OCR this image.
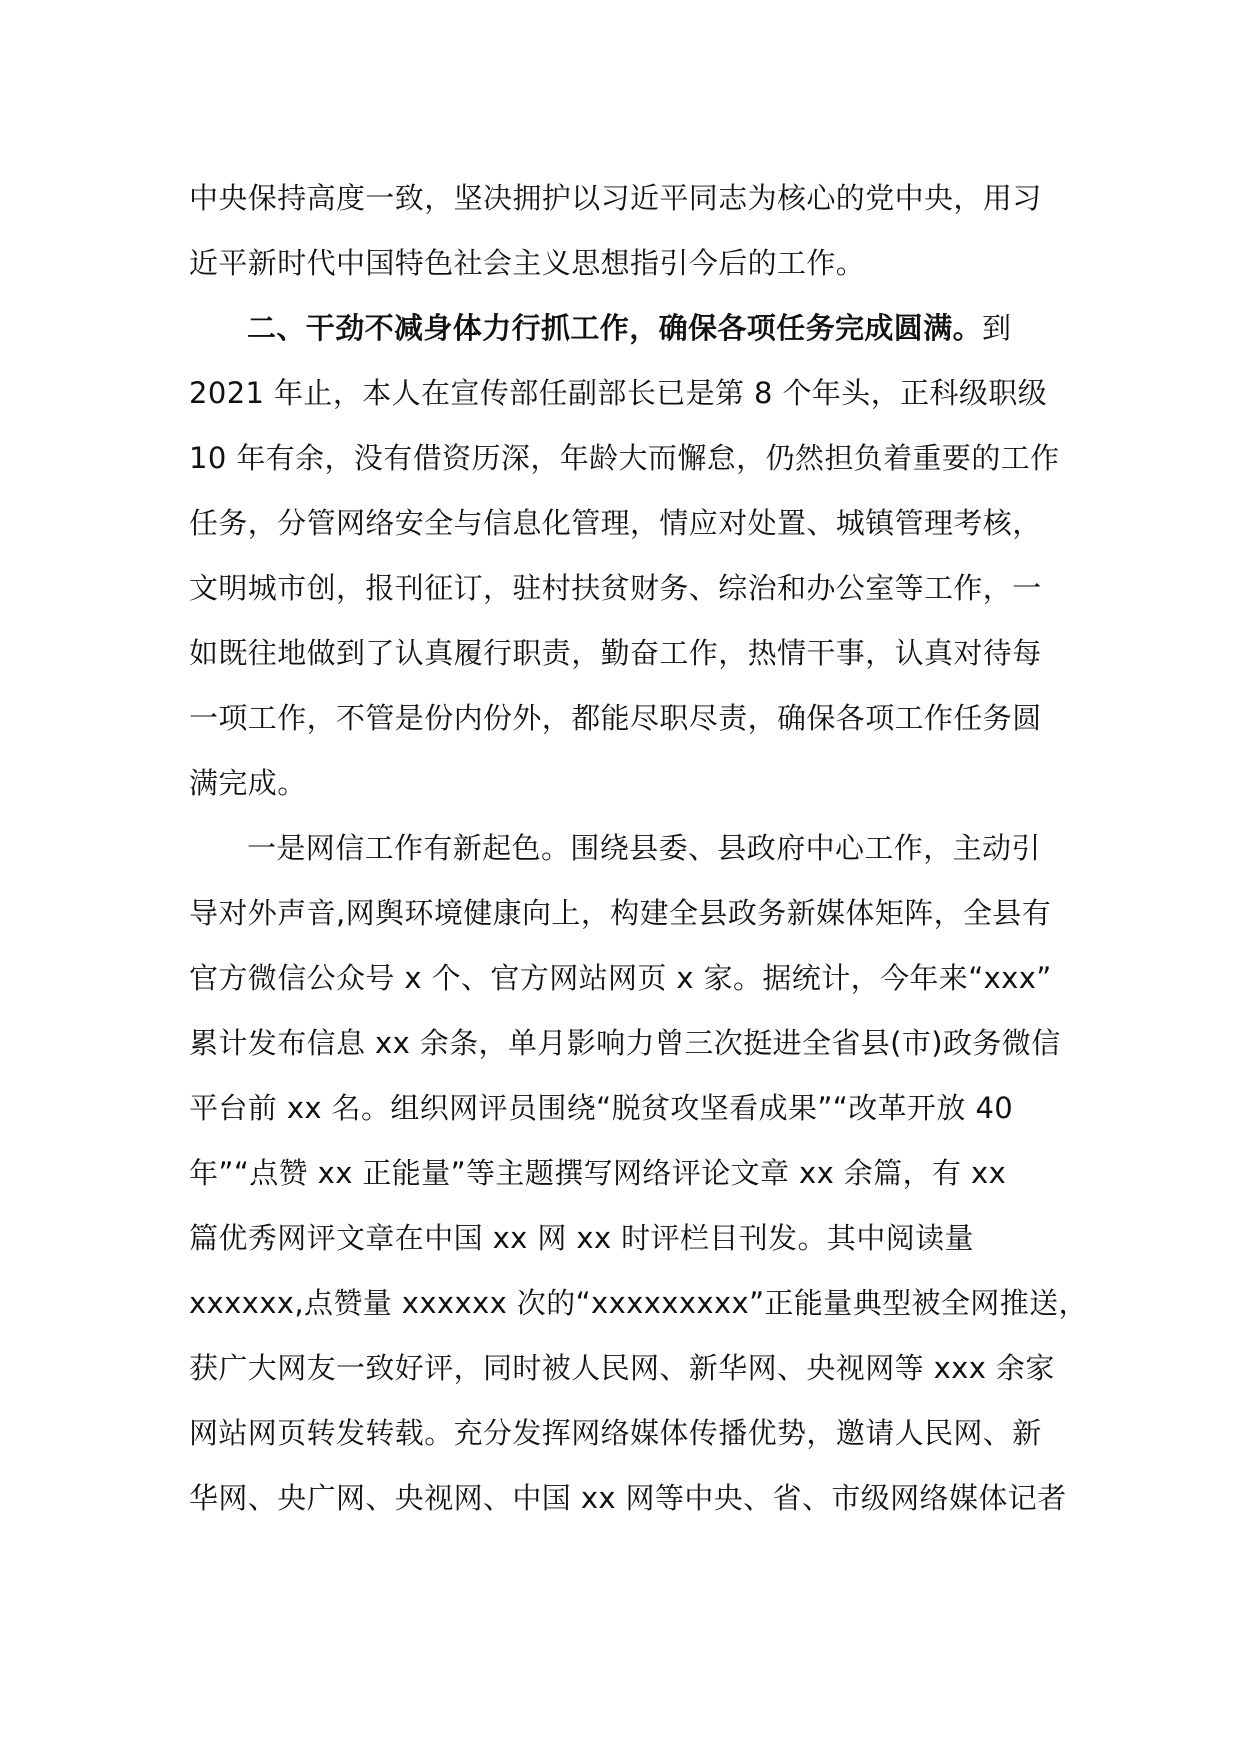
中央保持高度一致，坚决拥护以习近平同志为核心的党中央，用习
近平新时代中国特色社会主义思想指引今后的工作。
二、干劲不减身体力行抓工作，确保各项任务完成圆满。到
2021 年止，本人在宣传部任副部长已是第 8 个年头，正科级职级
10 年有余，没有借资历深，年龄大而懈怠，仍然担负着重要的工作
任务，分管网络安全与信息化管理，情应对处置、城镇管理考核，
文明城市创，报刊征订，驻村扶贫财务、综治和办公室等工作，一
如既往地做到了认真履行职责，勤奋工作，热情干事，认真对待每
一项工作，不管是份内份外，都能尽职尽责，确保各项工作任务圆
满完成。
一是网信工作有新起色。围绕县委、县政府中心工作，主动引
导对外声音,网舆环境健康向上，构建全县政务新媒体矩阵，全县有
官方微信公众号 x 个、官方网站网页 x 家。据统计，今年来“xxx”
累计发布信息 xx 余条，单月影响力曾三次挺进全省县(市)政务微信
平台前 xx 名。组织网评员围绕“脱贫攻坚看成果”“改革开放 40
年”“点赞 xx 正能量”等主题撰写网络评论文章 xx 余篇，有 xx
篇优秀网评文章在中国 xx 网 xx 时评栏目刊发。其中阅读量
xxxxxx,点赞量 xxxxxx 次的“xxxxxxxxx”正能量典型被全网推送，
获广大网友一致好评，同时被人民网、新华网、央视网等 xxx 余家
网站网页转发转载。充分发挥网络媒体传播优势，邀请人民网、新
华网、央广网、央视网、中国 xx 网等中央、省、市级网络媒体记者
